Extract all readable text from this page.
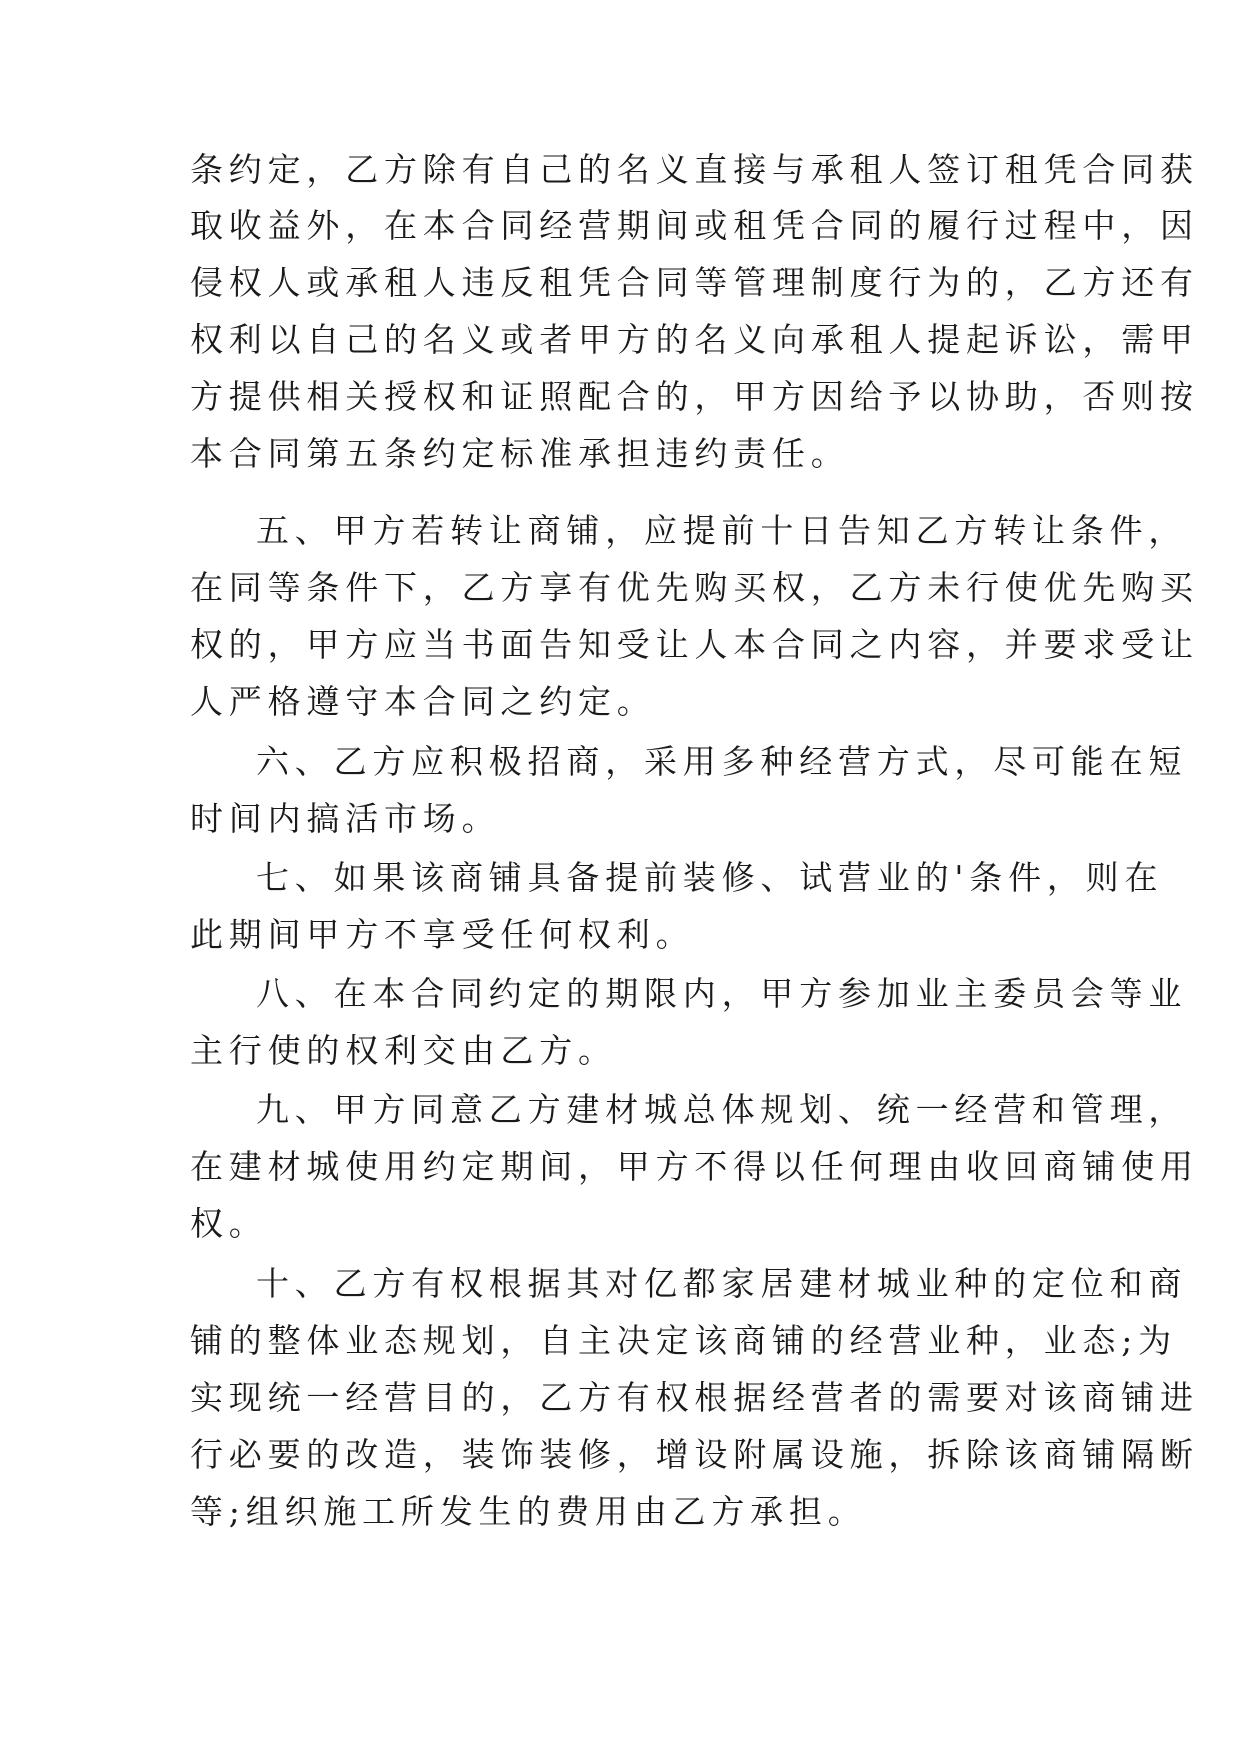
条约定，乙方除有自己的名义直接与承租人签订租凭合同获
取收益外，在本合同经营期间或租凭合同的履行过程中，因
侵权人或承租人违反租凭合同等管理制度行为的，乙方还有
权利以自己的名义或者甲方的名义向承租人提起诉讼，需甲
方提供相关授权和证照配合的，甲方因给予以协助，否则按
本合同第五条约定标准承担违约责任。
五、甲方若转让商铺，应提前十日告知乙方转让条件，
在同等条件下，乙方享有优先购买权，乙方未行使优先购买
权的，甲方应当书面告知受让人本合同之内容，并要求受让
人严格遵守本合同之约定。
六、乙方应积极招商，采用多种经营方式，尽可能在短
时间内搞活市场。
七、如果该商铺具备提前装修、试营业的'条件，则在
此期间甲方不享受任何权利。
八、在本合同约定的期限内，甲方参加业主委员会等业
主行使的权利交由乙方。
九、甲方同意乙方建材城总体规划、统一经营和管理，
在建材城使用约定期间，甲方不得以任何理由收回商铺使用
权。
十、乙方有权根据其对亿都家居建材城业种的定位和商
铺的整体业态规划，自主决定该商铺的经营业种，业态;为
实现统一经营目的，乙方有权根据经营者的需要对该商铺进
行必要的改造，装饰装修，增设附属设施，拆除该商铺隔断
等;组织施工所发生的费用由乙方承担。
